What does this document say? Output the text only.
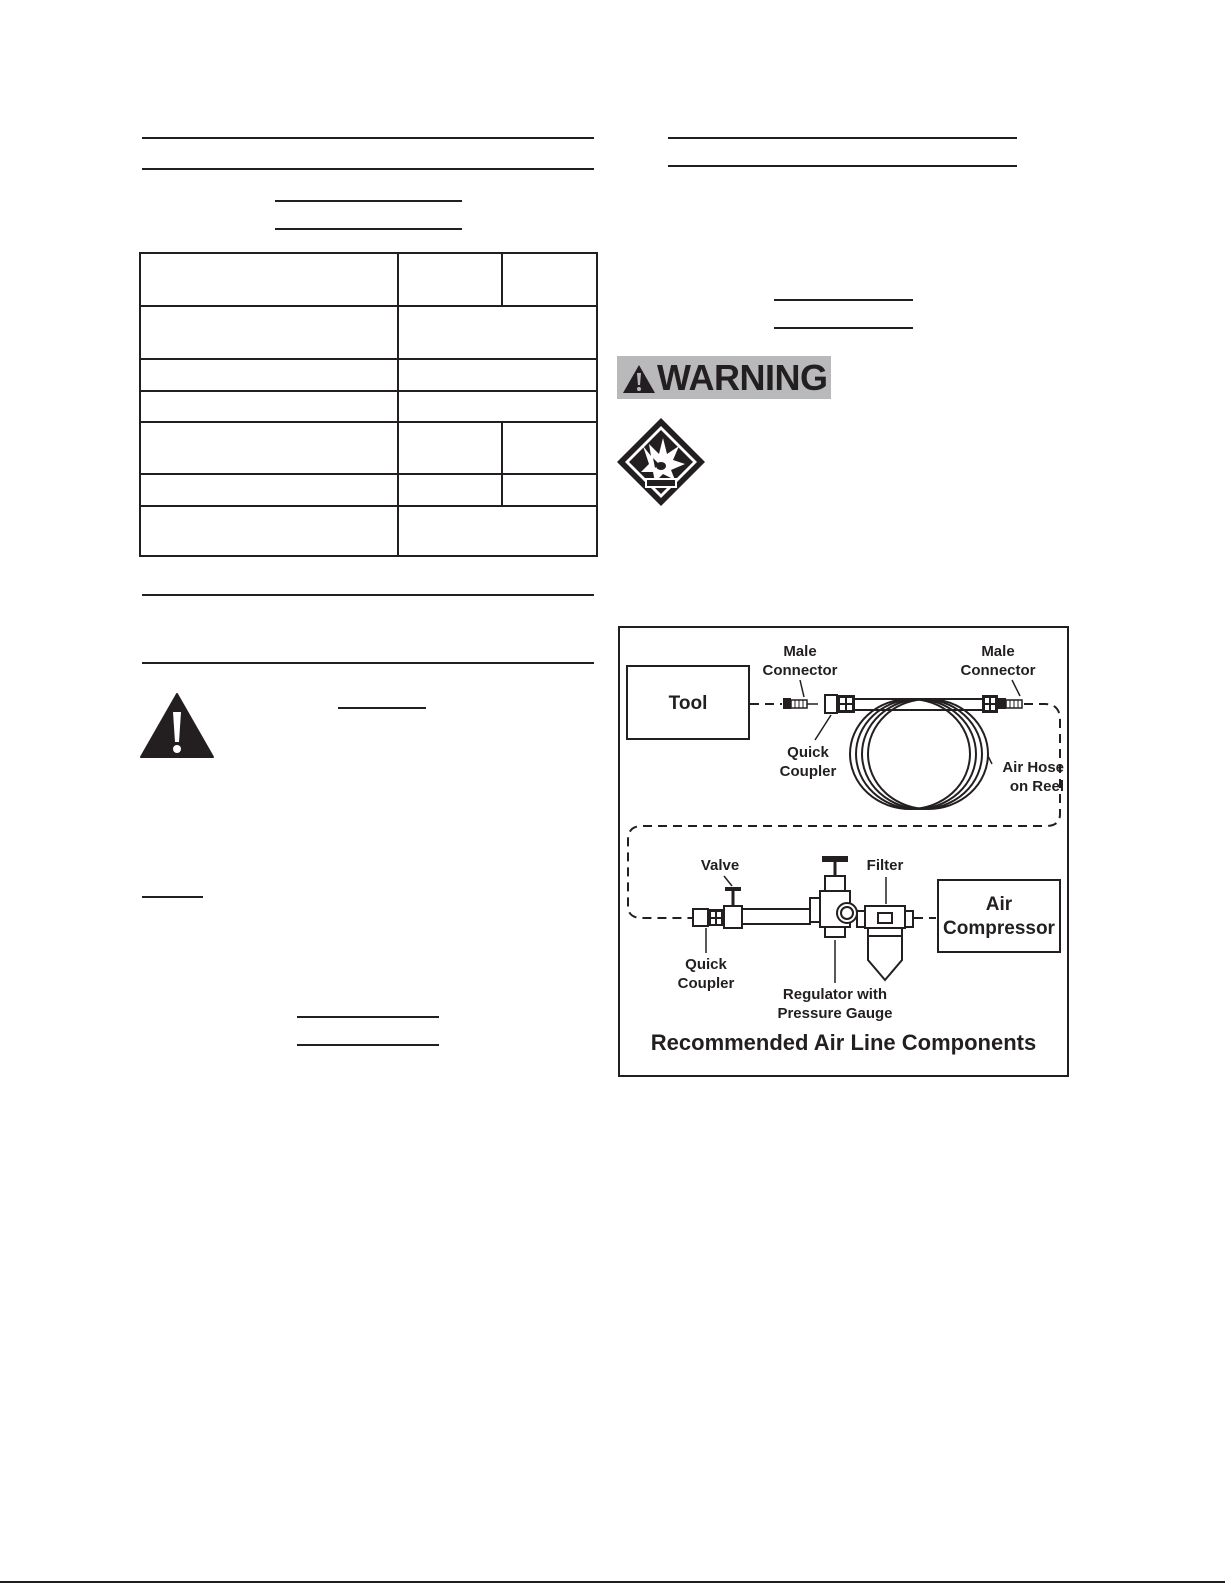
WARNING
Tool
Male
Connector
Male
Connector
Quick
Coupler	Air Hose
on Reel
Valve	Filter
Air
Compressor
Quick
Coupler
Regulator with
Pressure Gauge
Recommended Air Line Components
